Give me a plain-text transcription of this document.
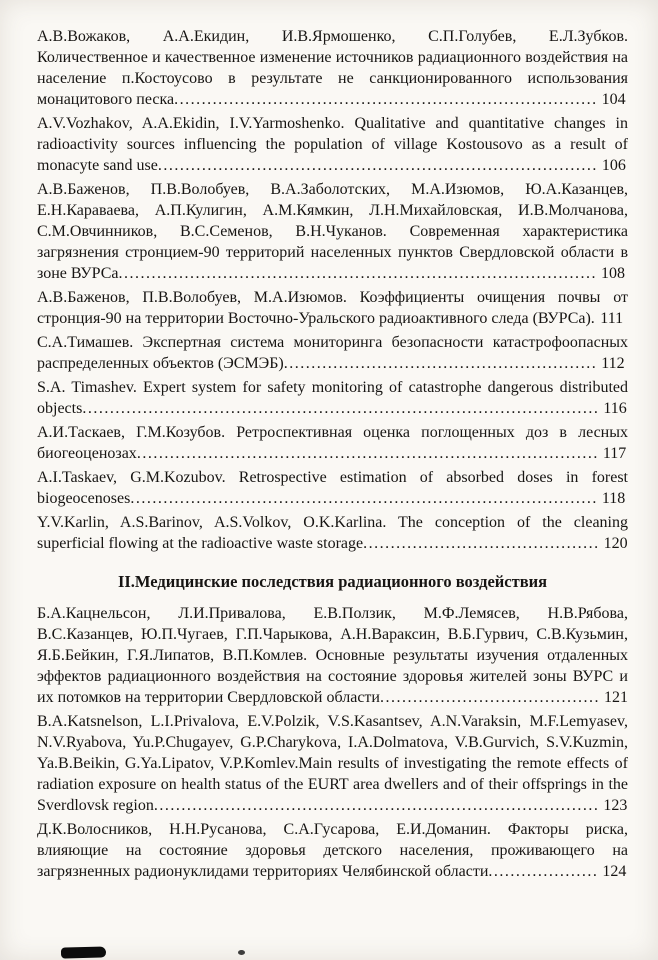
А.В.Вожаков, А.А.Екидин, И.В.Ярмошенко, С.П.Голубев, Е.Л.Зубков. Количественное и качественное изменение источников радиационного воздействия на население п.Костоусово в результате не санкционированного использования монацитового песка............................................................................. 104

A.V.Vozhakov, A.A.Ekidin, I.V.Yarmoshenko. Qualitative and quantitative changes in radioactivity sources influencing the population of village Kostousovo as a result of monacyte sand use................................................................................ 106

А.В.Баженов, П.В.Волобуев, В.А.Заболотских, М.А.Изюмов, Ю.А.Казанцев, Е.Н.Караваева, А.П.Кулигин, А.М.Кямкин, Л.Н.Михайловская, И.В.Молчанова, С.М.Овчинников, В.С.Семенов, В.Н.Чуканов. Современная характеристика загрязнения стронцием-90 территорий населенных пунктов Свердловской области в зоне ВУРСа....................................................................................... 108

А.В.Баженов, П.В.Волобуев, М.А.Изюмов. Коэффициенты очищения почвы от стронция-90 на территории Восточно-Уральского радиоактивного следа (ВУРСа). 111

С.А.Тимашев. Экспертная система мониторинга безопасности катастрофоопасных распределенных объектов (ЭСМЭБ)......................................................... 112

S.A. Timashev. Expert system for safety monitoring of catastrophe dangerous distributed objects.............................................................................................. 116

А.И.Таскаев, Г.М.Козубов. Ретроспективная оценка поглощенных доз в лесных биогеоценозах.................................................................................... 117

A.I.Taskaev, G.M.Kozubov. Retrospective estimation of absorbed doses in forest biogeocenoses..................................................................................... 118

Y.V.Karlin, A.S.Barinov, A.S.Volkov, O.K.Karlina. The conception of the cleaning superficial flowing at the radioactive waste storage........................................... 120

II.Медицинские последствия радиационного воздействия

Б.А.Кацнельсон, Л.И.Привалова, Е.В.Ползик, М.Ф.Лемясев, Н.В.Рябова, В.С.Казанцев, Ю.П.Чугаев, Г.П.Чарыкова, А.Н.Вараксин, В.Б.Гурвич, С.В.Кузьмин, Я.Б.Бейкин, Г.Я.Липатов, В.П.Комлев. Основные результаты изучения отдаленных эффектов радиационного воздействия на состояние здоровья жителей зоны ВУРС и их потомков на территории Свердловской области........................................ 121

B.A.Katsnelson, L.I.Privalova, E.V.Polzik, V.S.Kasantsev, A.N.Varaksin, M.F.Lemyasev, N.V.Ryabova, Yu.P.Chugayev, G.P.Charykova, I.A.Dolmatova, V.B.Gurvich, S.V.Kuzmin, Ya.B.Beikin, G.Ya.Lipatov, V.P.Komlev.Main results of investigating the remote effects of radiation exposure on health status of the EURT area dwellers and of their offsprings in the Sverdlovsk region................................................................................. 123

Д.К.Волосников, Н.Н.Русанова, С.А.Гусарова, Е.И.Доманин. Факторы риска, влияющие на состояние здоровья детского населения, проживающего на загрязненных радионуклидами территориях Челябинской области.................... 124
